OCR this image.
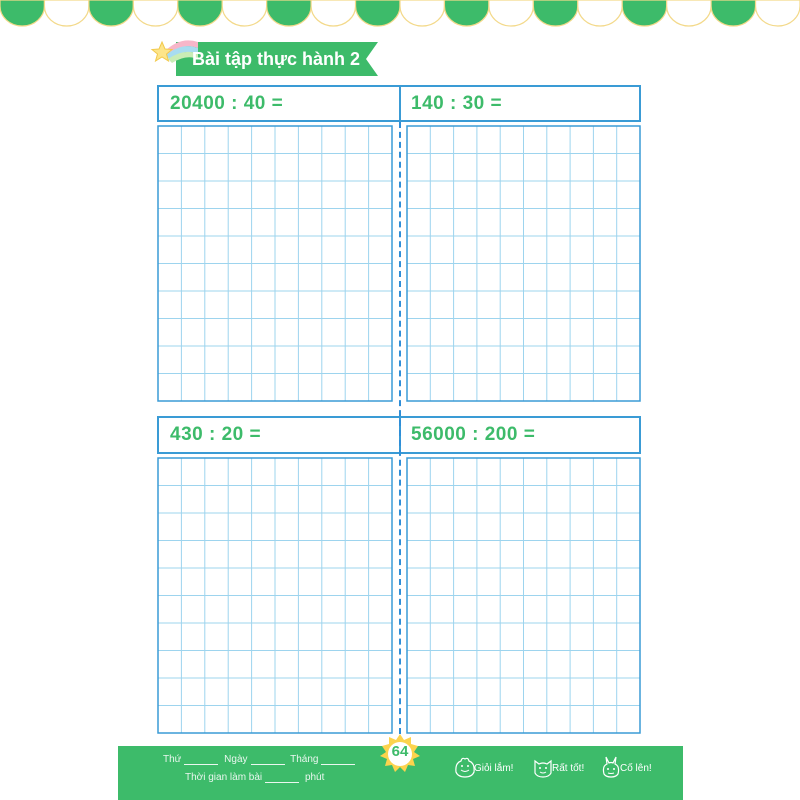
Bài tập thực hành 2
20400 : 40 =	140 : 30 =
430 : 20 =	56000 : 200 =
Thứ	Ngày	Tháng
Thời gian làm bài	phút
64
Giỏi lắm!	Rất tốt!	Cố lên!
